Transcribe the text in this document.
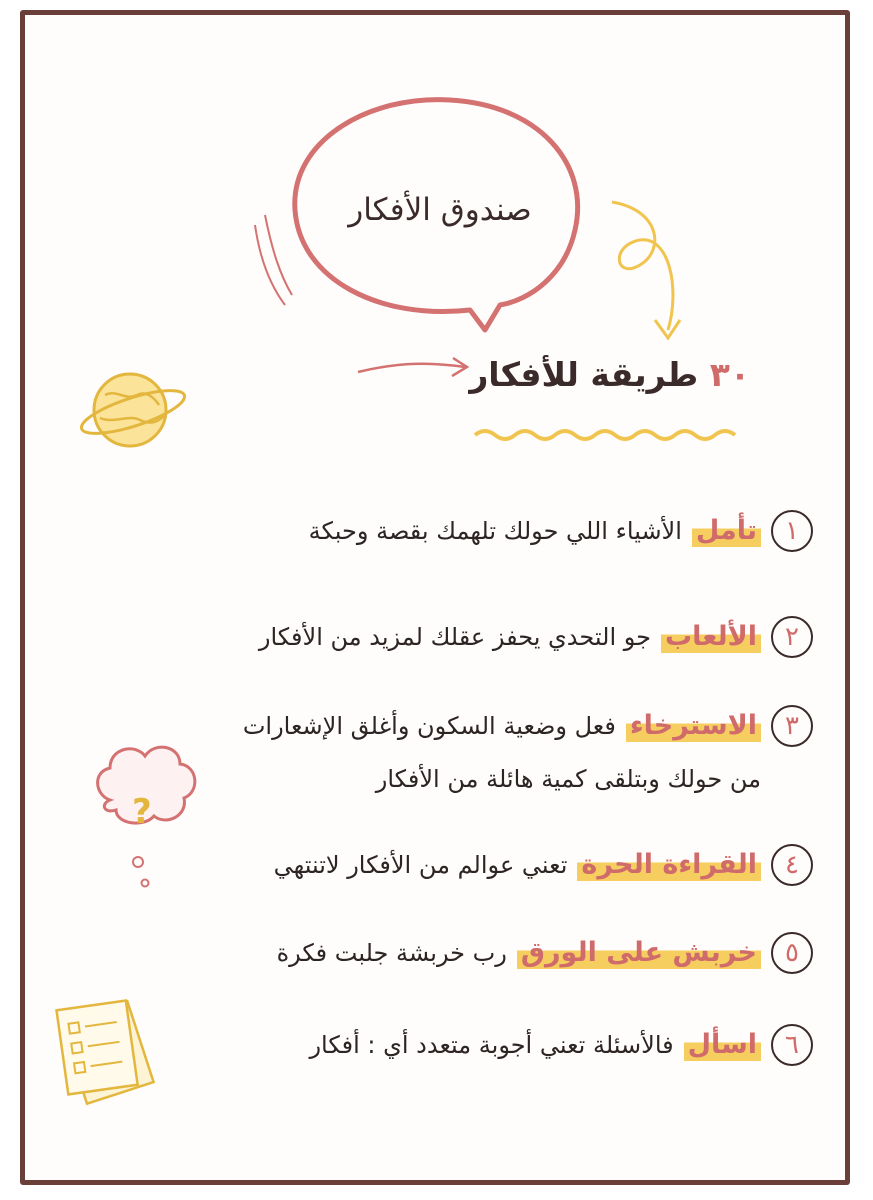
?
صندوق الأفكار
٣٠ طريقة للأفكار
١
تأمل
الأشياء اللي حولك تلهمك بقصة وحبكة
٢
الألعاب
جو التحدي يحفز عقلك لمزيد من الأفكار
٣
الاسترخاء
فعل وضعية السكون وأغلق الإشعارات
من حولك وبتلقى كمية هائلة من الأفكار
٤
القراءة الحرة
تعني عوالم من الأفكار لاتنتهي
٥
خربش على الورق
رب خربشة جلبت فكرة
٦
اسأل
فالأسئلة تعني أجوبة متعدد أي : أفكار
